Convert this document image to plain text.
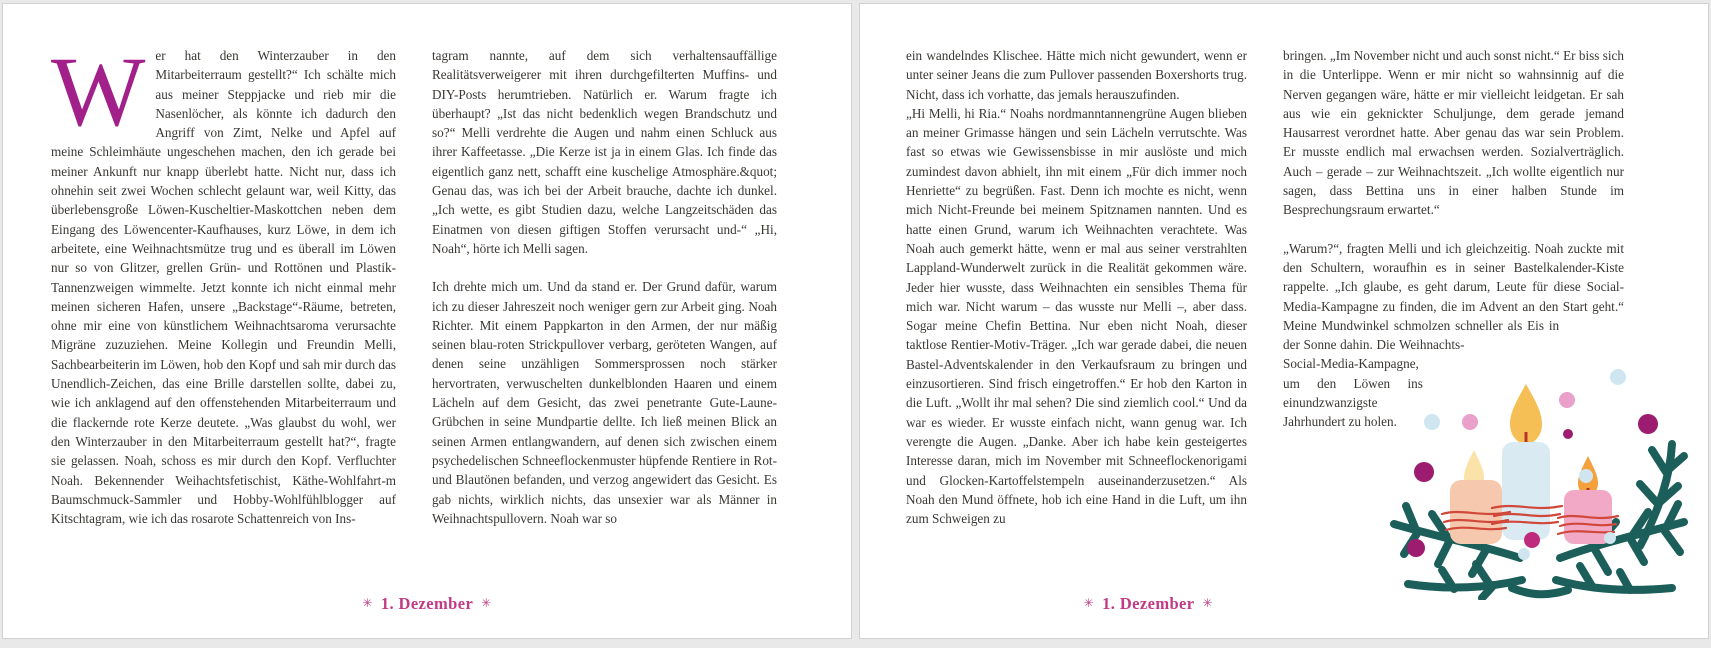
W er hat den Winterzauber in den Mitarbeiterraum gestellt?“ Ich schälte mich aus meiner Steppjacke und rieb mir die Nasenlöcher, als könnte ich dadurch den Angriff von Zimt, Nelke und Apfel auf meine Schleimhäute ungeschehen machen, den ich gerade bei meiner Ankunft nur knapp überlebt hatte. Nicht nur, dass ich ohnehin seit zwei Wochen schlecht gelaunt war, weil Kitty, das überlebensgroße Löwen-Kuscheltier-Maskottchen neben dem Eingang des Löwencenter-Kaufhauses, kurz Löwe, in dem ich arbeitete, eine Weihnachtsmütze trug und es überall im Löwen nur so von Glitzer, grellen Grün- und Rottönen und Plastik-Tannenzweigen wimmelte. Jetzt konnte ich nicht einmal mehr meinen sicheren Hafen, unsere „Backstage“-Räume, betreten, ohne mir eine von künstlichem Weihnachtsaroma verursachte Migräne zuzuziehen. Meine Kollegin und Freundin Melli, Sachbearbeiterin im Löwen, hob den Kopf und sah mir durch das Unendlich-Zeichen, das eine Brille darstellen sollte, dabei zu, wie ich anklagend auf den offenstehenden Mitarbeiterraum und die flackernde rote Kerze deutete. „Was glaubst du wohl, wer den Winterzauber in den Mitarbeiterraum gestellt hat?“, fragte sie gelassen. Noah, schoss es mir durch den Kopf. Verfluchter Noah. Bekennender Weihachtsfetischist, Käthe-Wohlfahrt-m Baumschmuck-Sammler und Hobby-Wohlfühlblogger auf Kitschtagram, wie ich das rosarote Schattenreich von Ins-

tagram nannte, auf dem sich verhaltensauffällige Realitätsverweigerer mit ihren durchgefilterten Muffins- und DIY-Posts herumtrieben. Natürlich er. Warum fragte ich überhaupt? „Ist das nicht bedenklich wegen Brandschutz und so?“ Melli verdrehte die Augen und nahm einen Schluck aus ihrer Kaffeetasse. „Die Kerze ist ja in einem Glas. Ich finde das eigentlich ganz nett, schafft eine kuschelige Atmosphäre.&quot; Genau das, was ich bei der Arbeit brauche, dachte ich dunkel.„Ich wette, es gibt Studien dazu, welche Langzeitschäden das Einatmen von diesen giftigen Stoffen verursacht und-“ „Hi, Noah“, hörte ich Melli sagen.

Ich drehte mich um. Und da stand er. Der Grund dafür, warum ich zu dieser Jahreszeit noch weniger gern zur Arbeit ging. Noah Richter. Mit einem Pappkarton in den Armen, der nur mäßig seinen blau-roten Strickpullover verbarg, geröteten Wangen, auf denen seine unzähligen Sommersprossen noch stärker hervortraten, verwuschelten dunkelblonden Haaren und einem Lächeln auf dem Gesicht, das zwei penetrante Gute-Laune-Grübchen in seine Mundpartie dellte. Ich ließ meinen Blick an seinen Armen entlangwandern, auf denen sich zwischen einem psychedelischen Schneeflockenmuster hüpfende Rentiere in Rot- und Blautönen befanden, und verzog angewidert das Gesicht. Es gab nichts, wirklich nichts, das unsexier war als Männer in Weihnachtspullovern. Noah war so

✳ 1. Dezember ✳

ein wandelndes Klischee. Hätte mich nicht gewundert, wenn er unter seiner Jeans die zum Pullover passenden Boxershorts trug. Nicht, dass ich vorhatte, das jemals herauszufinden.

„Hi Melli, hi Ria.“ Noahs nordmanntannengrüne Augen blieben an meiner Grimasse hängen und sein Lächeln verrutschte. Was fast so etwas wie Gewissensbisse in mir auslöste und mich zumindest davon abhielt, ihn mit einem „Für dich immer noch Henriette“ zu begrüßen. Fast. Denn ich mochte es nicht, wenn mich Nicht-Freunde bei meinem Spitznamen nannten. Und es hatte einen Grund, warum ich Weihnachten verachtete. Was Noah auch gemerkt hätte, wenn er mal aus seiner verstrahlten Lappland-Wunderwelt zurück in die Realität gekommen wäre. Jeder hier wusste, dass Weihnachten ein sensibles Thema für mich war. Nicht warum – das wusste nur Melli –, aber dass. Sogar meine Chefin Bettina. Nur eben nicht Noah, dieser taktlose Rentier-Motiv-Träger. „Ich war gerade dabei, die neuen Bastel-Adventskalender in den Verkaufsraum zu bringen und einzusortieren. Sind frisch eingetroffen.“ Er hob den Karton in die Luft. „Wollt ihr mal sehen? Die sind ziemlich cool.“ Und da war es wieder. Er wusste einfach nicht, wann genug war. Ich verengte die Augen. „Danke. Aber ich habe kein gesteigertes Interesse daran, mich im November mit Schneeflockenorigami und Glocken-Kartoffelstempeln auseinanderzusetzen.“ Als Noah den Mund öffnete, hob ich eine Hand in die Luft, um ihn zum Schweigen zu

bringen. „Im November nicht und auch sonst nicht.“ Er biss sich in die Unterlippe. Wenn er mir nicht so wahnsinnig auf die Nerven gegangen wäre, hätte er mir vielleicht leidgetan. Er sah aus wie ein geknickter Schuljunge, dem gerade jemand Hausarrest verordnet hatte. Aber genau das war sein Problem. Er musste endlich mal erwachsen werden. Sozialverträglich. Auch – gerade – zur Weihnachtszeit. „Ich wollte eigentlich nur sagen, dass Bettina uns in einer halben Stunde im Besprechungsraum erwartet.“

„Warum?“, fragten Melli und ich gleichzeitig. Noah zuckte mit den Schultern, woraufhin es in seiner Bastelkalender-Kiste rappelte. „Ich glaube, es geht darum, Leute für diese Social-Media-Kampagne zu finden, die im Advent an den Start geht.“ Meine Mundwinkel schmolzen schneller als Eis in der Sonne dahin. Die Weihnachts-Social-Media-Kampagne, um den Löwen ins einundzwanzigste Jahrhundert zu holen.

✳ 1. Dezember ✳
